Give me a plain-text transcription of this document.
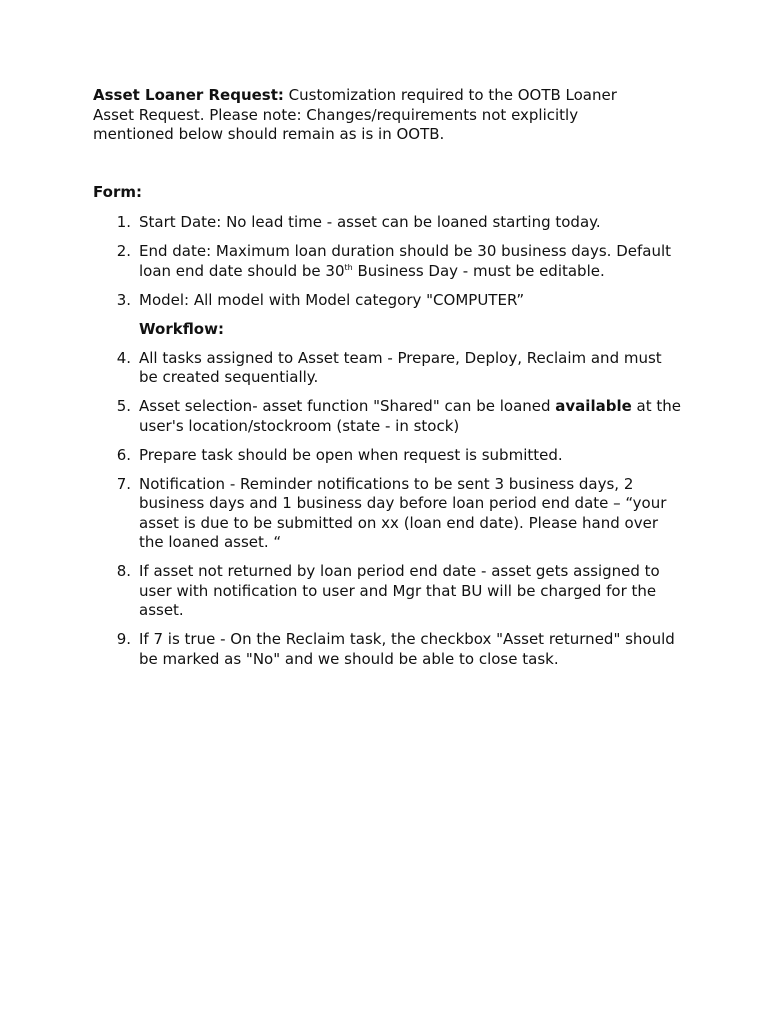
Asset Loaner Request: Customization required to the OOTB Loaner Asset Request. Please note: Changes/requirements not explicitly mentioned below should remain as is in OOTB.

Form:

1. Start Date: No lead time - asset can be loaned starting today.
2. End date: Maximum loan duration should be 30 business days. Default loan end date should be 30th Business Day - must be editable.
3. Model: All model with Model category "COMPUTER”
Workflow:
4. All tasks assigned to Asset team - Prepare, Deploy, Reclaim and must be created sequentially.
5. Asset selection- asset function "Shared" can be loaned available at the user's location/stockroom (state - in stock)
6. Prepare task should be open when request is submitted.
7. Notification - Reminder notifications to be sent 3 business days, 2 business days and 1 business day before loan period end date – “your asset is due to be submitted on xx (loan end date). Please hand over the loaned asset. “
8. If asset not returned by loan period end date - asset gets assigned to user with notification to user and Mgr that BU will be charged for the asset.
9. If 7 is true - On the Reclaim task, the checkbox "Asset returned" should be marked as "No" and we should be able to close task.
